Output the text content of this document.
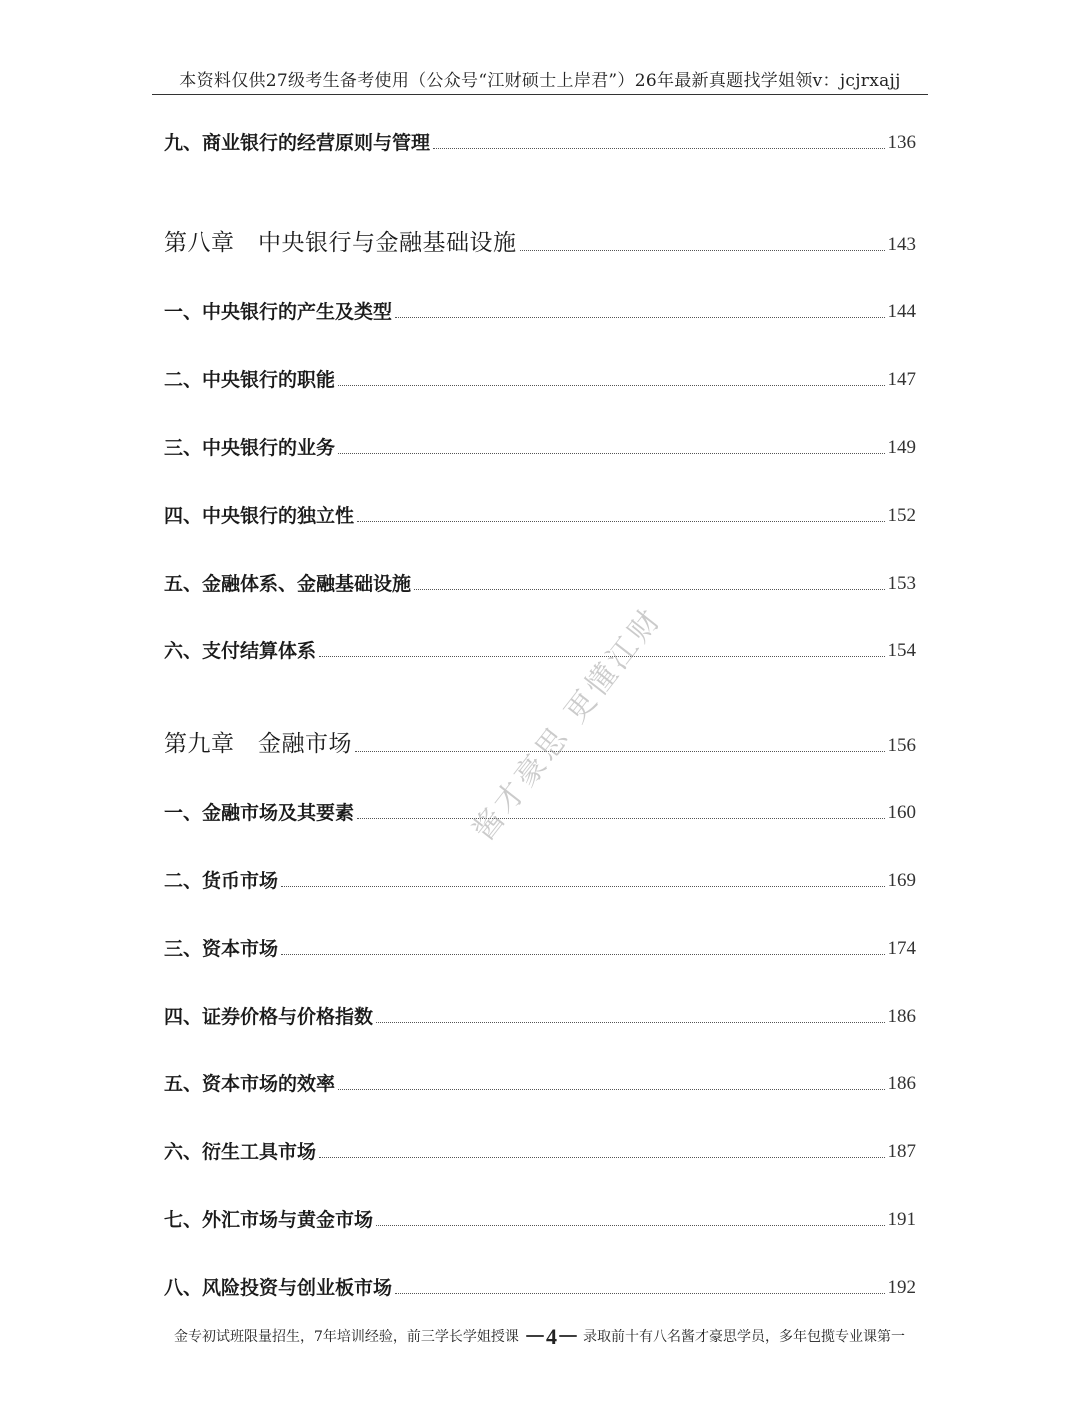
本资料仅供27级考生备考使用（公众号“江财硕士上岸君”）26年最新真题找学姐领v：jcjrxajj
九、商业银行的经营原则与管理	136
第八章　中央银行与金融基础设施	143
一、中央银行的产生及类型	144
二、中央银行的职能	147
三、中央银行的业务	149
四、中央银行的独立性	152
五、金融体系、金融基础设施	153
六、支付结算体系	154
第九章　金融市场	156
一、金融市场及其要素	160
二、货币市场	169
三、资本市场	174
四、证券价格与价格指数	186
五、资本市场的效率	186
六、衍生工具市场	187
七、外汇市场与黄金市场	191
八、风险投资与创业板市场	192
酱才豪思 更懂江财
金专初试班限量招生，7年培训经验，前三学长学姐授课 －4－ 录取前十有八名酱才豪思学员，多年包揽专业课第一
